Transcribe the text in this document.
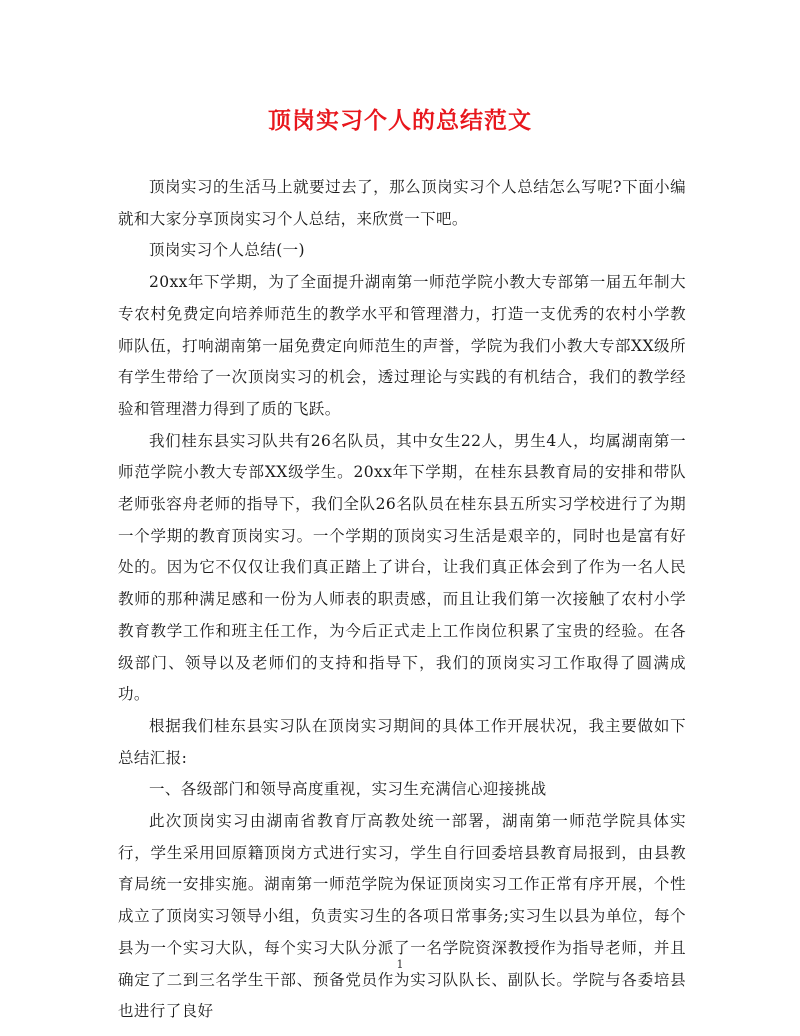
顶岗实习个人的总结范文

顶岗实习的生活马上就要过去了，那么顶岗实习个人总结怎么写呢?下面小编就和大家分享顶岗实习个人总结，来欣赏一下吧。

顶岗实习个人总结(一)

20xx年下学期，为了全面提升湖南第一师范学院小教大专部第一届五年制大专农村免费定向培养师范生的教学水平和管理潜力，打造一支优秀的农村小学教师队伍，打响湖南第一届免费定向师范生的声誉，学院为我们小教大专部XX级所有学生带给了一次顶岗实习的机会，透过理论与实践的有机结合，我们的教学经验和管理潜力得到了质的飞跃。

我们桂东县实习队共有26名队员，其中女生22人，男生4人，均属湖南第一师范学院小教大专部XX级学生。20xx年下学期，在桂东县教育局的安排和带队老师张容舟老师的指导下，我们全队26名队员在桂东县五所实习学校进行了为期一个学期的教育顶岗实习。一个学期的顶岗实习生活是艰辛的，同时也是富有好处的。因为它不仅仅让我们真正踏上了讲台，让我们真正体会到了作为一名人民教师的那种满足感和一份为人师表的职责感，而且让我们第一次接触了农村小学教育教学工作和班主任工作，为今后正式走上工作岗位积累了宝贵的经验。在各级部门、领导以及老师们的支持和指导下，我们的顶岗实习工作取得了圆满成功。

根据我们桂东县实习队在顶岗实习期间的具体工作开展状况，我主要做如下总结汇报:

一、各级部门和领导高度重视，实习生充满信心迎接挑战

此次顶岗实习由湖南省教育厅高教处统一部署，湖南第一师范学院具体实行，学生采用回原籍顶岗方式进行实习，学生自行回委培县教育局报到，由县教育局统一安排实施。湖南第一师范学院为保证顶岗实习工作正常有序开展，个性成立了顶岗实习领导小组，负责实习生的各项日常事务;实习生以县为单位，每个县为一个实习大队，每个实习大队分派了一名学院资深教授作为指导老师，并且确定了二到三名学生干部、预备党员作为实习队队长、副队长。学院与各委培县也进行了良好

1
